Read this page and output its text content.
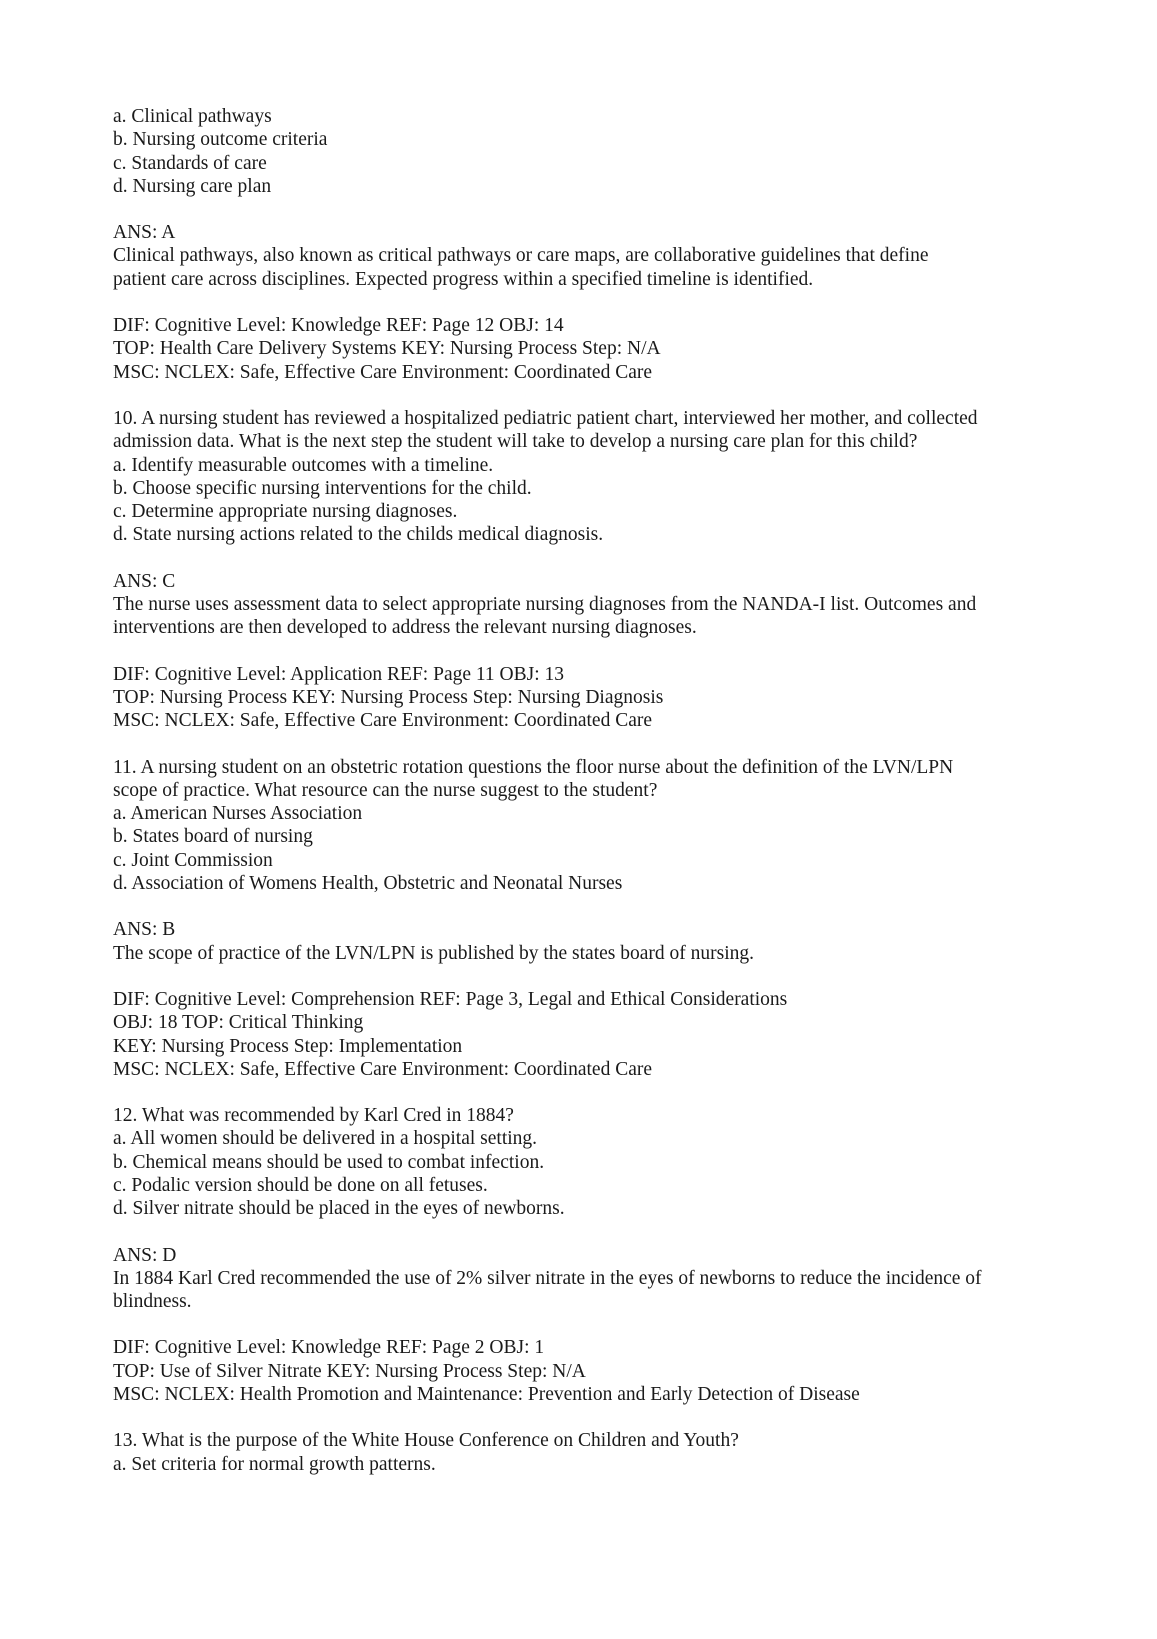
a. Clinical pathways
b. Nursing outcome criteria
c. Standards of care
d. Nursing care plan
ANS: A
Clinical pathways, also known as critical pathways or care maps, are collaborative guidelines that define
patient care across disciplines. Expected progress within a specified timeline is identified.
DIF: Cognitive Level: Knowledge REF: Page 12 OBJ: 14
TOP: Health Care Delivery Systems KEY: Nursing Process Step: N/A
MSC: NCLEX: Safe, Effective Care Environment: Coordinated Care
10. A nursing student has reviewed a hospitalized pediatric patient chart, interviewed her mother, and collected
admission data. What is the next step the student will take to develop a nursing care plan for this child?
a. Identify measurable outcomes with a timeline.
b. Choose specific nursing interventions for the child.
c. Determine appropriate nursing diagnoses.
d. State nursing actions related to the childs medical diagnosis.
ANS: C
The nurse uses assessment data to select appropriate nursing diagnoses from the NANDA-I list. Outcomes and
interventions are then developed to address the relevant nursing diagnoses.
DIF: Cognitive Level: Application REF: Page 11 OBJ: 13
TOP: Nursing Process KEY: Nursing Process Step: Nursing Diagnosis
MSC: NCLEX: Safe, Effective Care Environment: Coordinated Care
11. A nursing student on an obstetric rotation questions the floor nurse about the definition of the LVN/LPN
scope of practice. What resource can the nurse suggest to the student?
a. American Nurses Association
b. States board of nursing
c. Joint Commission
d. Association of Womens Health, Obstetric and Neonatal Nurses
ANS: B
The scope of practice of the LVN/LPN is published by the states board of nursing.
DIF: Cognitive Level: Comprehension REF: Page 3, Legal and Ethical Considerations
OBJ: 18 TOP: Critical Thinking
KEY: Nursing Process Step: Implementation
MSC: NCLEX: Safe, Effective Care Environment: Coordinated Care
12. What was recommended by Karl Cred in 1884?
a. All women should be delivered in a hospital setting.
b. Chemical means should be used to combat infection.
c. Podalic version should be done on all fetuses.
d. Silver nitrate should be placed in the eyes of newborns.
ANS: D
In 1884 Karl Cred recommended the use of 2% silver nitrate in the eyes of newborns to reduce the incidence of
blindness.
DIF: Cognitive Level: Knowledge REF: Page 2 OBJ: 1
TOP: Use of Silver Nitrate KEY: Nursing Process Step: N/A
MSC: NCLEX: Health Promotion and Maintenance: Prevention and Early Detection of Disease
13. What is the purpose of the White House Conference on Children and Youth?
a. Set criteria for normal growth patterns.
